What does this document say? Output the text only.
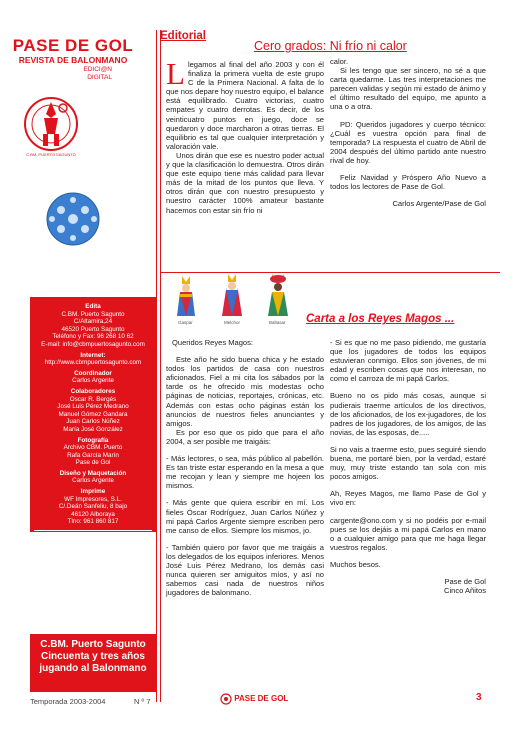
PASE DE GOL
REVISTA DE BALONMANO
EDICI@N
DIGITAL
C.BM. PUERTO SAGUNTO
Edita
C.BM. Puerto Sagunto
C/Altamira,24
46520 Puerto Sagunto
Teléfono y Fax: 96 268 10 62
E-mail: info@cbmpuertosagunto.com
Internet:
http://www.cbmpuertosagunto.com
Coordinador
Carlos Argente
Colaboradores
Oscar R. Bergés
José Luis Pérez Medrano
Manuel Gómez Gandara
Juan Carlos Núñez
María José González
Fotografía
Archivo CBM. Puerto
Rafa García Marín
Pase de Gol
Diseño y Maquetación
Carlos Argente
Imprime
WF Impresores, S.L.
C/.Deán Sanfeliu, 8 bajo
46120 Alboraya
Tlno: 961 860 817

Pase de Gol no se hace responsable de las opiniones publicadas en esta revista.

Permitida la reproducción citando expresamente la fuente y el nombre del autor.

C.BM. Puerto Sagunto
Cincuenta y tres años
jugando al Balonmano
Temporada 2003-2004	N º 7	PASE DE GOL	3
Editorial
Cero grados: Ni frío ni calor

Llegamos al final del año 2003 y con él finaliza la primera vuelta de este grupo C de la Primera Nacional. A falta de lo que nos depare hoy nuestro equipo, el balance está equilibrado. Cuatro victorias, cuatro empates y cuatro derrotas. Es decir, de los veinticuatro puntos en juego, doce se quedaron y doce marcharon a otras tierras. El equilibrio es tal que cualquier interpretación y valoración vale.

Unos dirán que ese es nuestro poder actual y que la clasificación lo demuestra. Otros dirán que este equipo tiene más calidad para llevar más de la mitad de los puntos que lleva. Y otros dirán que con nuestro presupuesto y nuestro carácter 100% amateur bastante hacemos con estar sin frío ni

calor.

Si les tengo que ser sincero, no sé a que carta quedarme. Las tres interpretaciones me parecen validas y según mi estado de ánimo y el último resultado del equipo, me apunto a una o a otra.

PD: Queridos jugadores y cuerpo técnico: ¿Cuál es vuestra opción para final de temporada? La respuesta el cuatro de Abril de 2004 después del último partido ante nuestro rival de hoy.

Feliz Navidad y Próspero Año Nuevo a todos los lectores de Pase de Gol.

Carlos Argente/Pase de Gol

Gaspar	Melchor	Baltasar Carta a los Reyes Magos ...

Queridos Reyes Magos:

Este año he sido buena chica y he estado todos los partidos de casa con nuestros aficionados. Fiel a mi cita los sábados por la tarde os he ofrecido mis modestas ocho páginas de noticias, reportajes, crónicas, etc. Además con estas ocho páginas están los anuncios de nuestros fieles anunciantes y amigos.

Es por eso que os pido que para el año 2004, a ser posible me traigáis:

- Más lectores, o sea, más público al pabellón. Es tan triste estar esperando en la mesa a que me recojan y lean y siempre me hojeen los mismos.

- Más gente que quiera escribir en mí. Los fieles Óscar Rodríguez, Juan Carlos Núñez y mi papá Carlos Argente siempre escriben pero me canso de ellos. Siempre los mismos, jo.

- También quiero por favor que me traigáis a los delegados de los equipos inferiores. Menos José Luis Pérez Medrano, los demás casi nunca quieren ser amiguitos míos, y así no sabemos casi nada de nuestros niños jugadores de balonmano.

- Si es que no me paso pidiendo, me gustaría que los jugadores de todos los equipos estuvieran conmigo. Ellos son jóvenes, de mi edad y escriben cosas que nos interesan, no como el carroza de mi papá Carlos.

Bueno no os pido más cosas, aunque si pudierais traerme artículos de los directivos, de los aficionados, de los ex-jugadores, de los padres de los jugadores, de los amigos, de las novias, de las esposas, de.....

Si no vais a traerme esto, pues seguiré siendo buena, me portaré bien, por la verdad, estaré muy, muy triste estando tan sola con mis pocos amigos.

Ah, Reyes Magos, me llamo Pase de Gol y vivo en:

cargente@ono.com y si no podéis por e-mail pues se los dejáis a mi papá Carlos en mano o a cualquier amigo para que me haga llegar vuestros regalos.

Muchos besos.

Pase de Gol

Cinco Añitos
